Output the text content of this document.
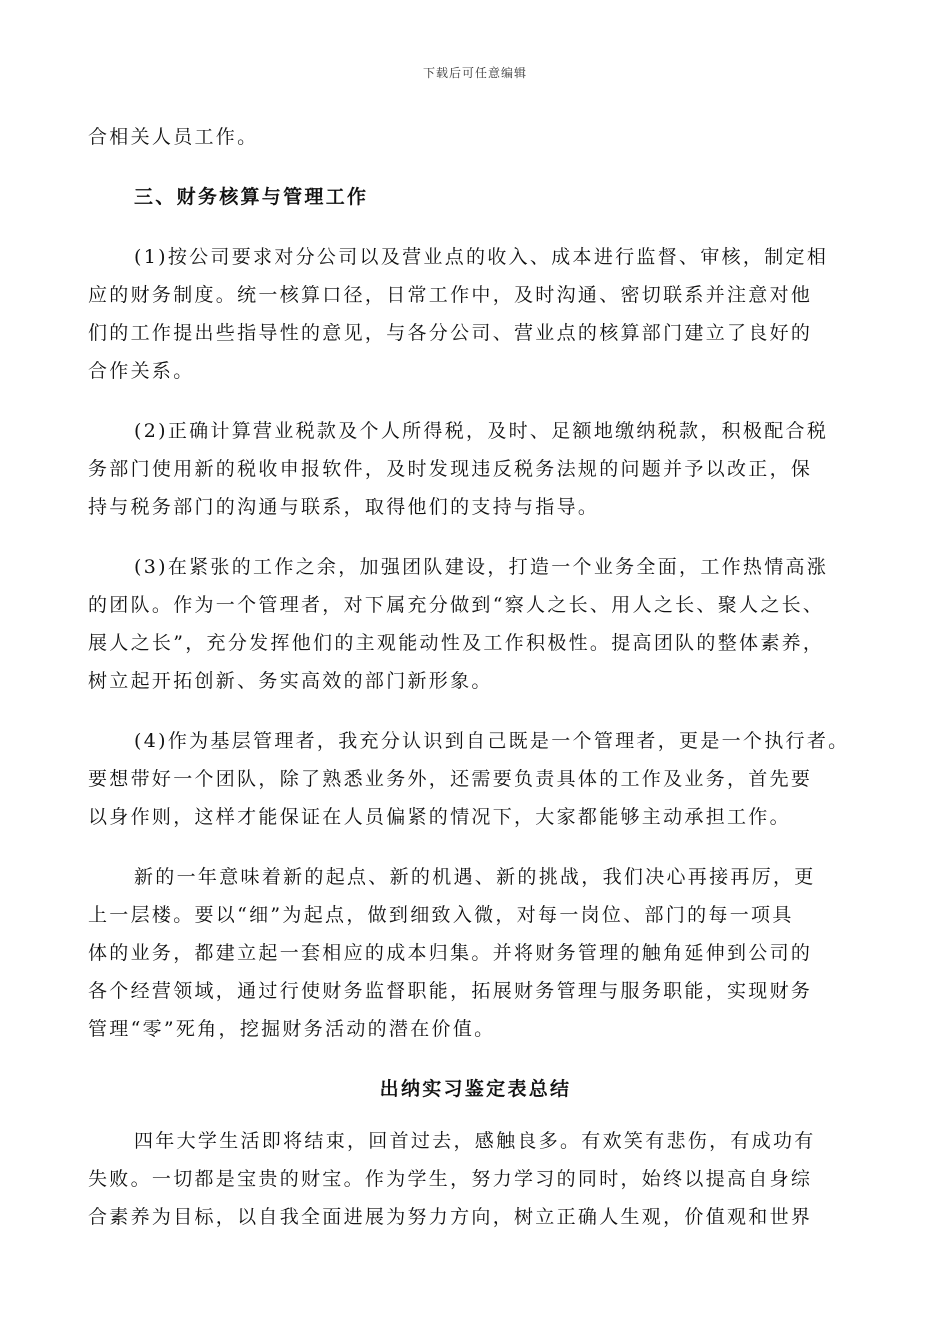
下载后可任意编辑
合相关人员工作。
三、财务核算与管理工作
(1)按公司要求对分公司以及营业点的收入、成本进行监督、审核，制定相
应的财务制度。统一核算口径，日常工作中，及时沟通、密切联系并注意对他
们的工作提出些指导性的意见，与各分公司、营业点的核算部门建立了良好的
合作关系。
(2)正确计算营业税款及个人所得税，及时、足额地缴纳税款，积极配合税
务部门使用新的税收申报软件，及时发现违反税务法规的问题并予以改正，保
持与税务部门的沟通与联系，取得他们的支持与指导。
(3)在紧张的工作之余，加强团队建设，打造一个业务全面，工作热情高涨
的团队。作为一个管理者，对下属充分做到“察人之长、用人之长、聚人之长、
展人之长”，充分发挥他们的主观能动性及工作积极性。提高团队的整体素养，
树立起开拓创新、务实高效的部门新形象。
(4)作为基层管理者，我充分认识到自己既是一个管理者，更是一个执行者。
要想带好一个团队，除了熟悉业务外，还需要负责具体的工作及业务，首先要
以身作则，这样才能保证在人员偏紧的情况下，大家都能够主动承担工作。
新的一年意味着新的起点、新的机遇、新的挑战，我们决心再接再厉，更
上一层楼。要以“细”为起点，做到细致入微，对每一岗位、部门的每一项具
体的业务，都建立起一套相应的成本归集。并将财务管理的触角延伸到公司的
各个经营领域，通过行使财务监督职能，拓展财务管理与服务职能，实现财务
管理“零”死角，挖掘财务活动的潜在价值。
出纳实习鉴定表总结
四年大学生活即将结束，回首过去，感触良多。有欢笑有悲伤，有成功有
失败。一切都是宝贵的财宝。作为学生，努力学习的同时，始终以提高自身综
合素养为目标，以自我全面进展为努力方向，树立正确人生观，价值观和世界
